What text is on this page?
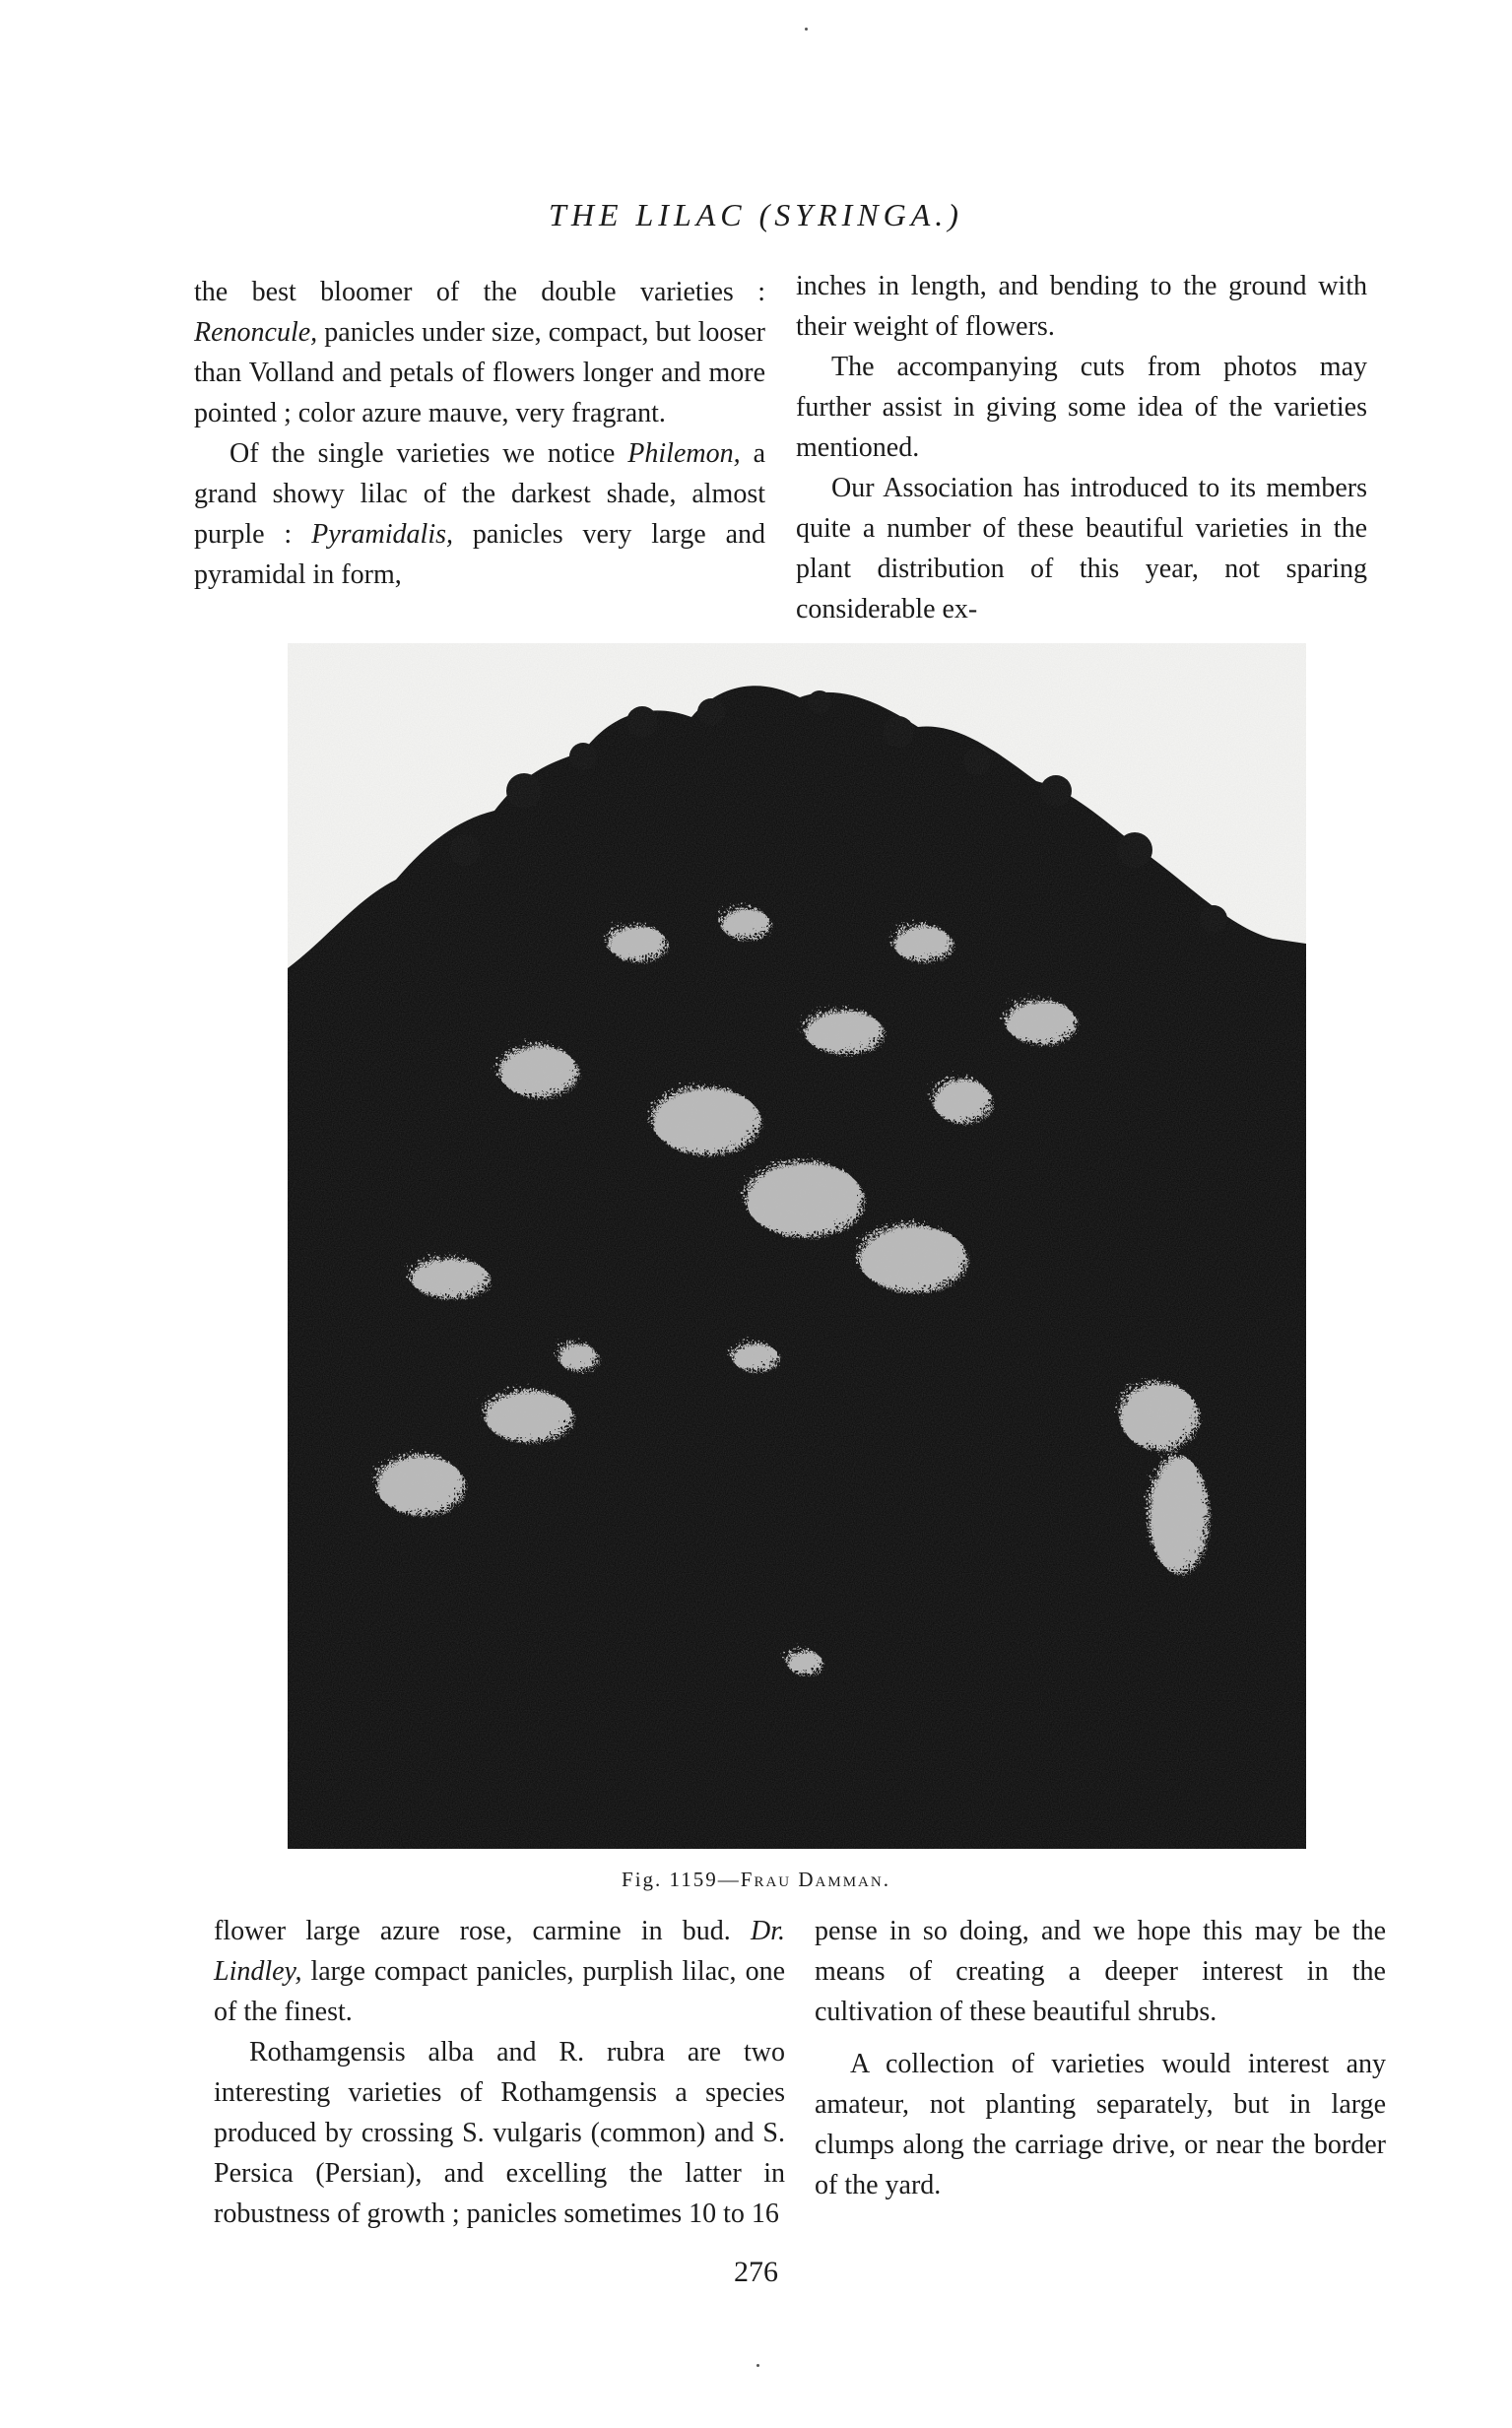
THE LILAC (SYRINGA.)

the best bloomer of the double varieties : Renoncule, panicles under size, compact, but looser than Volland and petals of flowers longer and more pointed ; color azure mauve, very fragrant.

Of the single varieties we notice Philemon, a grand showy lilac of the darkest shade, almost purple : Pyramidalis, panicles very large and pyramidal in form,

inches in length, and bending to the ground with their weight of flowers.

The accompanying cuts from photos may further assist in giving some idea of the varieties mentioned.

Our Association has introduced to its members quite a number of these beautiful varieties in the plant distribution of this year, not sparing considerable ex-

Fig. 1159—Frau Damman.

flower large azure rose, carmine in bud. Dr. Lindley, large compact panicles, purplish lilac, one of the finest.

Rothamgensis alba and R. rubra are two interesting varieties of Rothamgensis a species produced by crossing S. vulgaris (common) and S. Persica (Persian), and excelling the latter in robustness of growth ; panicles sometimes 10 to 16

pense in so doing, and we hope this may be the means of creating a deeper interest in the cultivation of these beautiful shrubs.

A collection of varieties would interest any amateur, not planting separately, but in large clumps along the carriage drive, or near the border of the yard.

276
